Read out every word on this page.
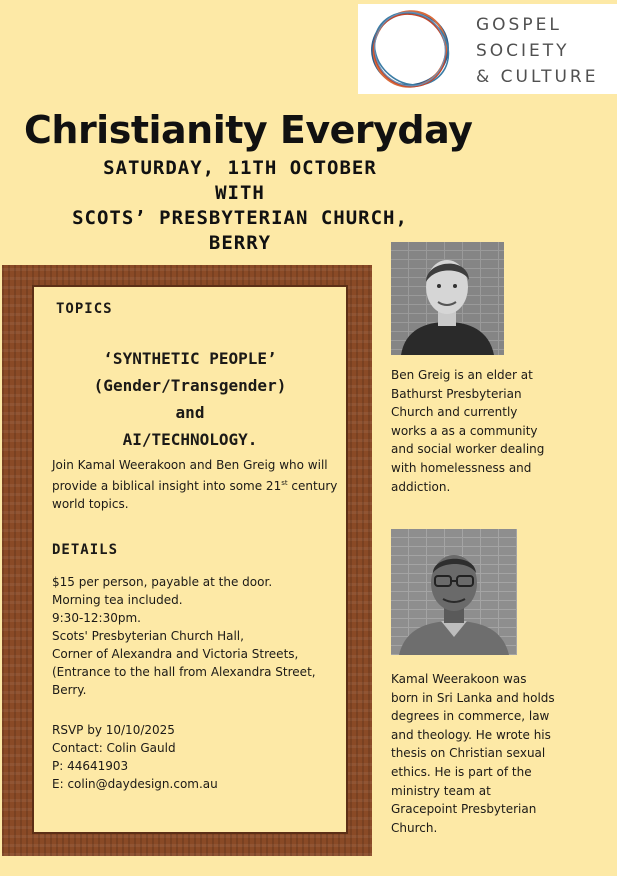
GOSPEL
SOCIETY
& CULTURE
Christianity Everyday
SATURDAY, 11TH OCTOBER
WITH
SCOTS’ PRESBYTERIAN CHURCH,
BERRY
TOPICS
‘SYNTHETIC PEOPLE’
(Gender/Transgender)
and
AI/TECHNOLOGY.
Join Kamal Weerakoon and Ben Greig who will
provide a biblical insight into some 21st century
world topics.
DETAILS
$15 per person, payable at the door.
Morning tea included.
9:30-12:30pm.
Scots' Presbyterian Church Hall,
Corner of Alexandra and Victoria Streets,
(Entrance to the hall from Alexandra Street,
Berry.
RSVP by 10/10/2025
Contact: Colin Gauld
P: 44641903
E: colin@daydesign.com.au
Ben Greig is an elder at
Bathurst Presbyterian
Church and currently
works a as a community
and social worker dealing
with homelessness and
addiction.
Kamal Weerakoon was
born in Sri Lanka and holds
degrees in commerce, law
and theology. He wrote his
thesis on Christian sexual
ethics. He is part of the
ministry team at
Gracepoint Presbyterian
Church.
